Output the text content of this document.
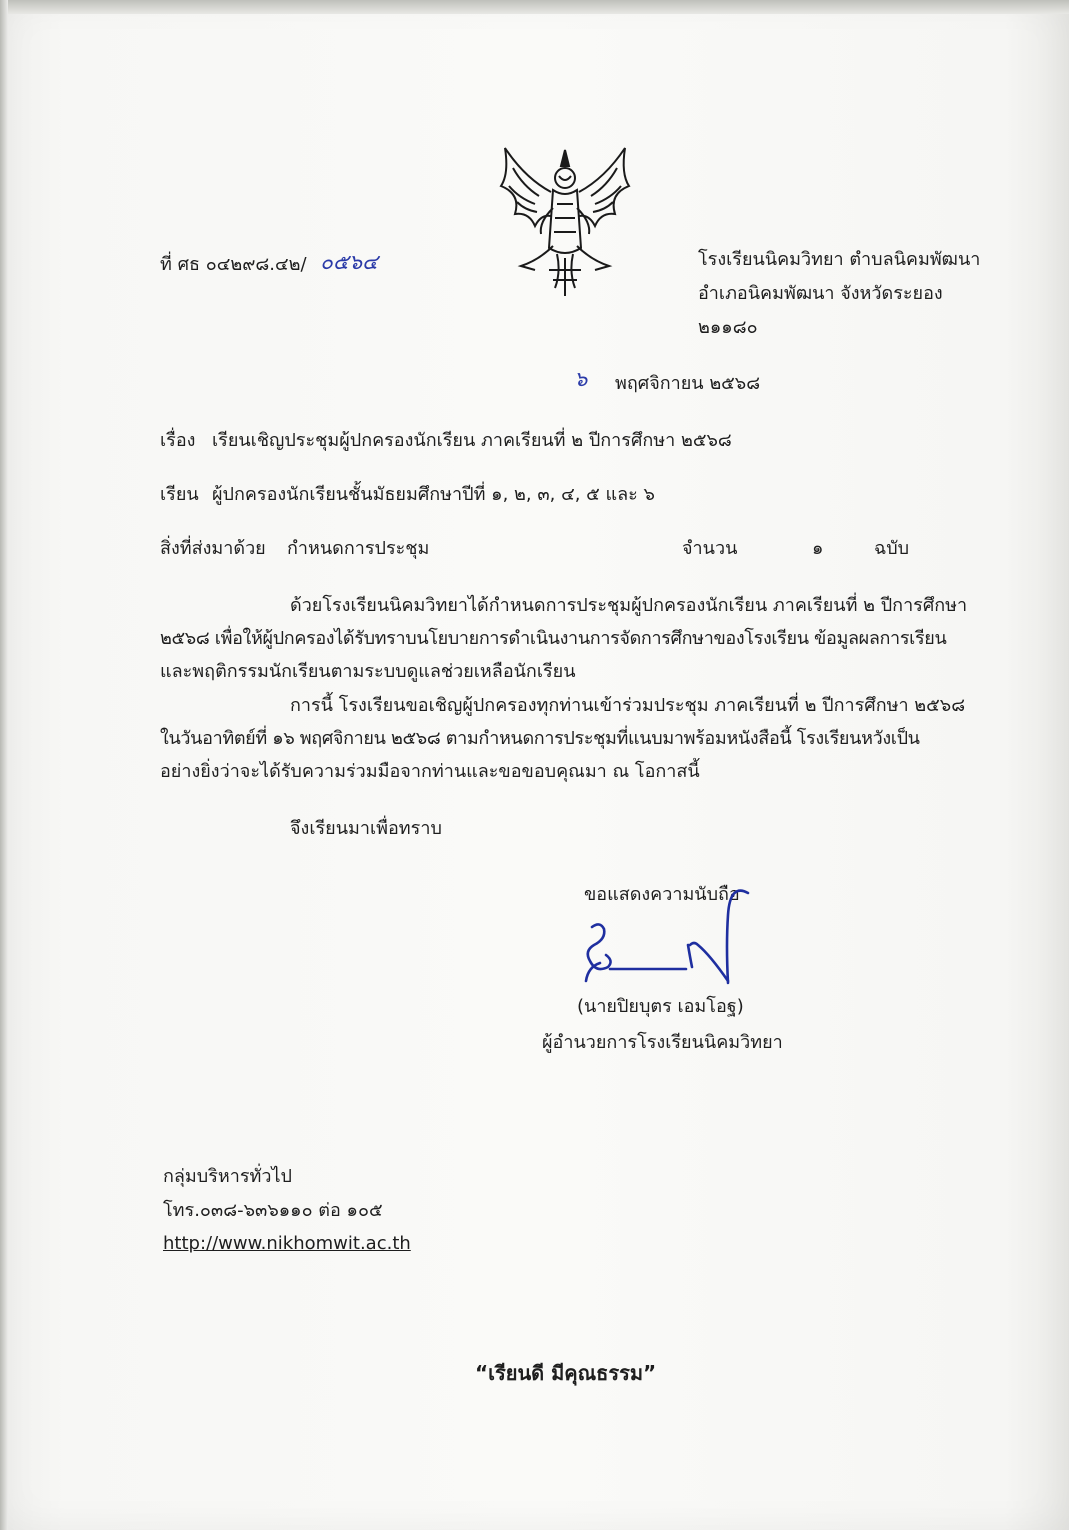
ที่ ศธ ๐๔๒๙๘.๔๒/ ๐๕๖๔	โรงเรียนนิคมวิทยา ตำบลนิคมพัฒนา
อำเภอนิคมพัฒนา จังหวัดระยอง
๒๑๑๘๐
๖ พฤศจิกายน ๒๕๖๘
เรื่อง เรียนเชิญประชุมผู้ปกครองนักเรียน ภาคเรียนที่ ๒ ปีการศึกษา ๒๕๖๘
เรียน ผู้ปกครองนักเรียนชั้นมัธยมศึกษาปีที่ ๑, ๒, ๓, ๔, ๕ และ ๖
สิ่งที่ส่งมาด้วย กำหนดการประชุม	จำนวน	๑	ฉบับ
ด้วยโรงเรียนนิคมวิทยาได้กำหนดการประชุมผู้ปกครองนักเรียน ภาคเรียนที่ ๒ ปีการศึกษา
๒๕๖๘ เพื่อให้ผู้ปกครองได้รับทราบนโยบายการดำเนินงานการจัดการศึกษาของโรงเรียน ข้อมูลผลการเรียน
และพฤติกรรมนักเรียนตามระบบดูแลช่วยเหลือนักเรียน
การนี้ โรงเรียนขอเชิญผู้ปกครองทุกท่านเข้าร่วมประชุม ภาคเรียนที่ ๒ ปีการศึกษา ๒๕๖๘
ในวันอาทิตย์ที่ ๑๖ พฤศจิกายน ๒๕๖๘ ตามกำหนดการประชุมที่แนบมาพร้อมหนังสือนี้ โรงเรียนหวังเป็น
อย่างยิ่งว่าจะได้รับความร่วมมือจากท่านและขอขอบคุณมา ณ โอกาสนี้
จึงเรียนมาเพื่อทราบ
ขอแสดงความนับถือ
(นายปิยบุตร เอมโอฐ)
ผู้อำนวยการโรงเรียนนิคมวิทยา
กลุ่มบริหารทั่วไป
โทร.๐๓๘-๖๓๖๑๑๐ ต่อ ๑๐๕
http://www.nikhomwit.ac.th
“เรียนดี มีคุณธรรม”
